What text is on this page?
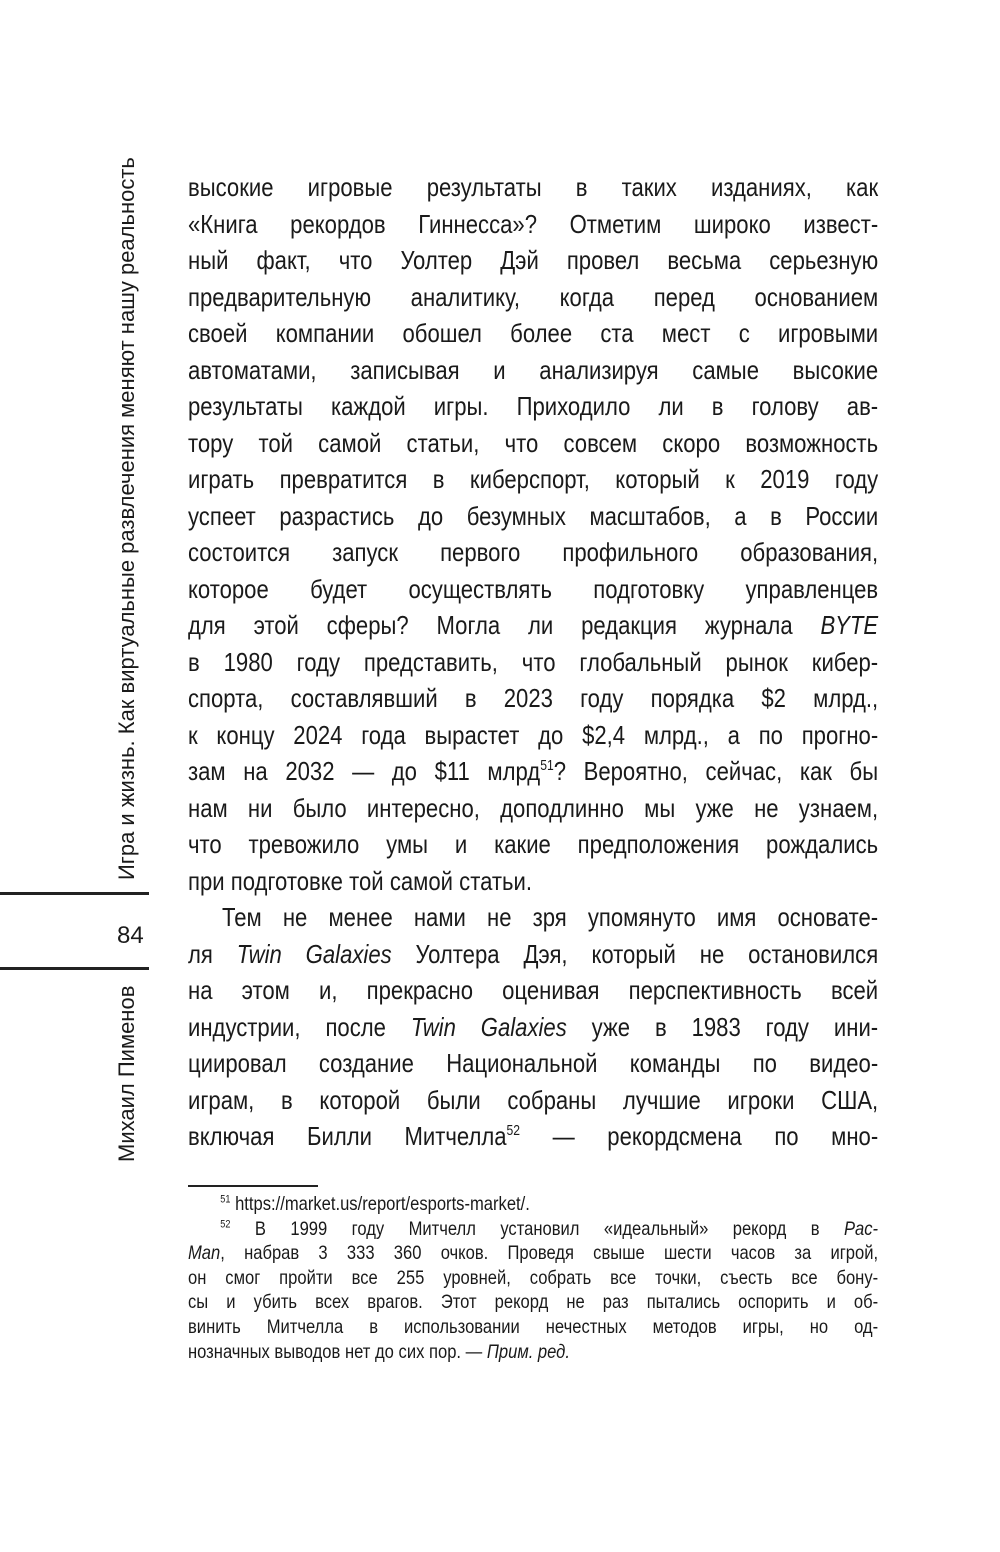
Игра и жизнь. Как виртуальные развлечения меняют нашу реальность
84
Михаил Пименов
высокие игровые результаты в таких изданиях, как
«Книга рекордов Гиннесса»? Отметим широко извест-
ный факт, что Уолтер Дэй провел весьма серьезную
предварительную аналитику, когда перед основанием
своей компании обошел более ста мест с игровыми
автоматами, записывая и анализируя самые высокие
результаты каждой игры. Приходило ли в голову ав-
тору той самой статьи, что совсем скоро возможность
играть превратится в киберспорт, который к 2019 году
успеет разрастись до безумных масштабов, а в России
состоится запуск первого профильного образования,
которое будет осуществлять подготовку управленцев
для этой сферы? Могла ли редакция журнала BYTE
в 1980 году представить, что глобальный рынок кибер-
спорта, составлявший в 2023 году порядка $2 млрд.,
к концу 2024 года вырастет до $2,4 млрд., а по прогно-
зам на 2032 — до $11 млрд$^{51}$? Вероятно, сейчас, как бы
нам ни было интересно, доподлинно мы уже не узнаем,
что тревожило умы и какие предположения рождались
при подготовке той самой статьи.
Тем не менее нами не зря упомянуто имя основате-
ля Twin Galaxies Уолтера Дэя, который не остановился
на этом и, прекрасно оценивая перспективность всей
индустрии, после Twin Galaxies уже в 1983 году ини-
циировал создание Национальной команды по видео-
играм, в которой были собраны лучшие игроки США,
включая Билли Митчелла$^{52}$ — рекордсмена по мно-
$^{51}$ https://market.us/report/esports-market/.
$^{52}$ В 1999 году Митчелл установил «идеальный» рекорд в Pac-
Man, набрав 3 333 360 очков. Проведя свыше шести часов за игрой,
он смог пройти все 255 уровней, собрать все точки, съесть все бону-
сы и убить всех врагов. Этот рекорд не раз пытались оспорить и об-
винить Митчелла в использовании нечестных методов игры, но од-
нозначных выводов нет до сих пор. — Прим. ред.
